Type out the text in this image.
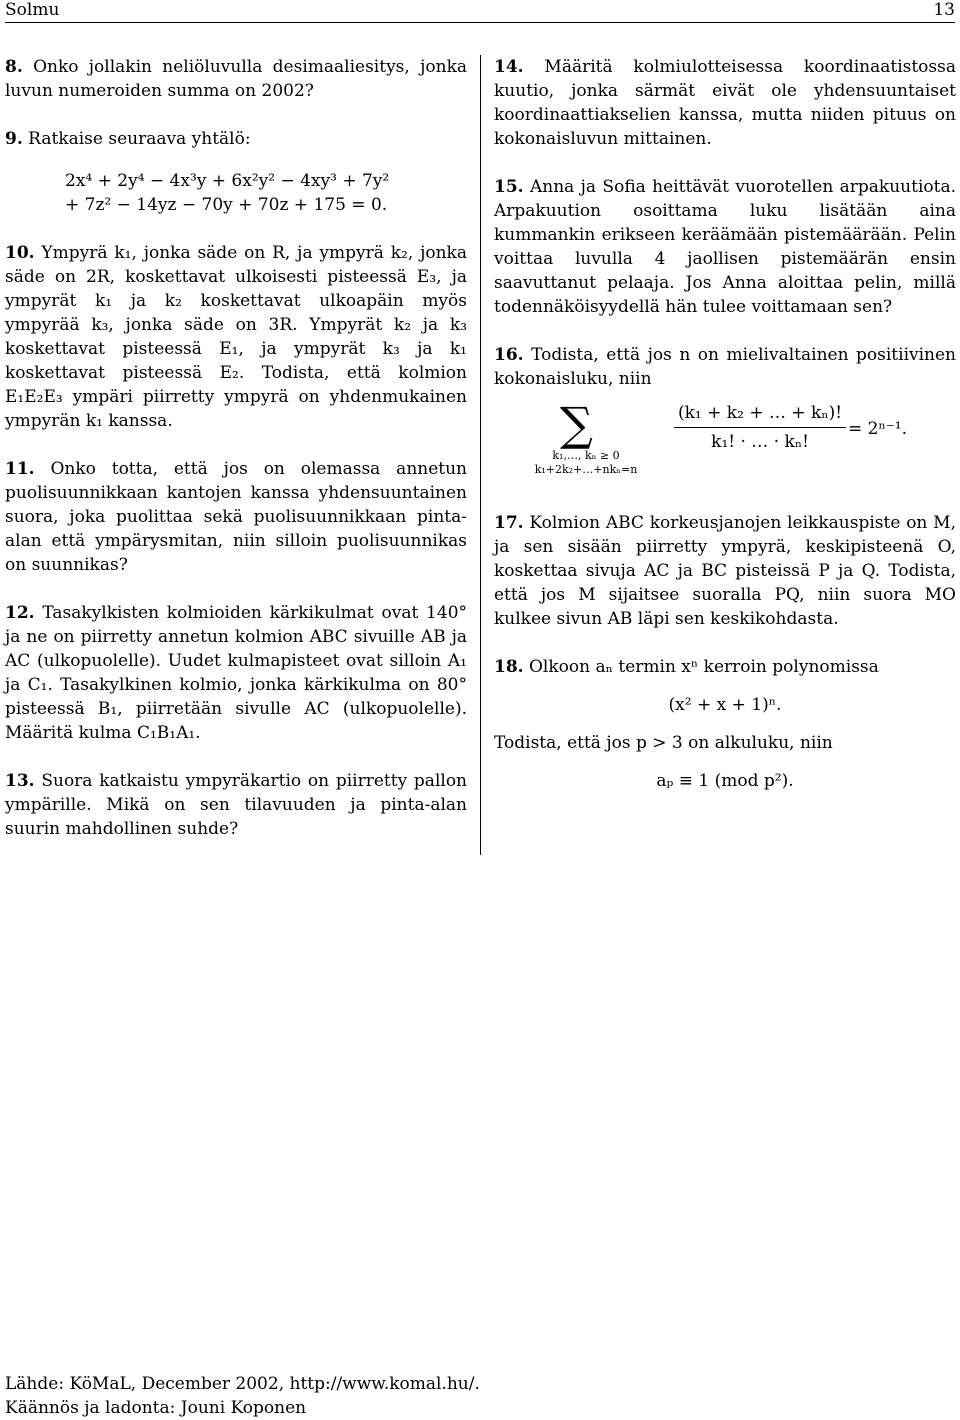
Solmu	13

8. Onko jollakin neliöluvulla desimaaliesitys, jonka luvun numeroiden summa on 2002?

9. Ratkaise seuraava yhtälö:

2x⁴ + 2y⁴ − 4x³y + 6x²y² − 4xy³ + 7y²
+ 7z² − 14yz − 70y + 70z + 175 = 0.

10. Ympyrä k₁, jonka säde on R, ja ympyrä k₂, jonka säde on 2R, koskettavat ulkoisesti pisteessä E₃, ja ympyrät k₁ ja k₂ koskettavat ulkoapäin myös ympyrää k₃, jonka säde on 3R. Ympyrät k₂ ja k₃ koskettavat pisteessä E₁, ja ympyrät k₃ ja k₁ koskettavat pisteessä E₂. Todista, että kolmion E₁E₂E₃ ympäri piirretty ympyrä on yhdenmukainen ympyrän k₁ kanssa.

11. Onko totta, että jos on olemassa annetun puolisuunnikkaan kantojen kanssa yhdensuuntainen suora, joka puolittaa sekä puolisuunnikkaan pinta-alan että ympärysmitan, niin silloin puolisuunnikas on suunnikas?

12. Tasakylkisten kolmioiden kärkikulmat ovat 140° ja ne on piirretty annetun kolmion ABC sivuille AB ja AC (ulkopuolelle). Uudet kulmapisteet ovat silloin A₁ ja C₁. Tasakylkinen kolmio, jonka kärkikulma on 80° pisteessä B₁, piirretään sivulle AC (ulkopuolelle). Määritä kulma C₁B₁A₁.

13. Suora katkaistu ympyräkartio on piirretty pallon ympärille. Mikä on sen tilavuuden ja pinta-alan suurin mahdollinen suhde?

14. Määritä kolmiulotteisessa koordinaatistossa kuutio, jonka särmät eivät ole yhdensuuntaiset koordinaattiakselien kanssa, mutta niiden pituus on kokonaisluvun mittainen.

15. Anna ja Sofia heittävät vuorotellen arpakuutiota. Arpakuution osoittama luku lisätään aina kummankin erikseen keräämään pistemäärään. Pelin voittaa luvulla 4 jaollisen pistemäärän ensin saavuttanut pelaaja. Jos Anna aloittaa pelin, millä todennäköisyydellä hän tulee voittamaan sen?

16. Todista, että jos n on mielivaltainen positiivinen kokonaisluku, niin

∑
k₁,…, kₙ ≥ 0
k₁+2k₂+…+nkₙ=n
$\frac{\text{(k₁ + k₂ + … + kₙ)!}}{\text{k₁! · … · kₙ!}} = 2^{n-1}$.

17. Kolmion ABC korkeusjanojen leikkauspiste on M, ja sen sisään piirretty ympyrä, keskipisteenä O, koskettaa sivuja AC ja BC pisteissä P ja Q. Todista, että jos M sijaitsee suoralla PQ, niin suora MO kulkee sivun AB läpi sen keskikohdasta.

18. Olkoon aₙ termin xⁿ kerroin polynomissa

(x² + x + 1)ⁿ.

Todista, että jos p > 3 on alkuluku, niin

aₚ ≡ 1 (mod p²).
Lähde: KöMaL, December 2002, http://www.komal.hu/.
Käännös ja ladonta: Jouni Koponen
